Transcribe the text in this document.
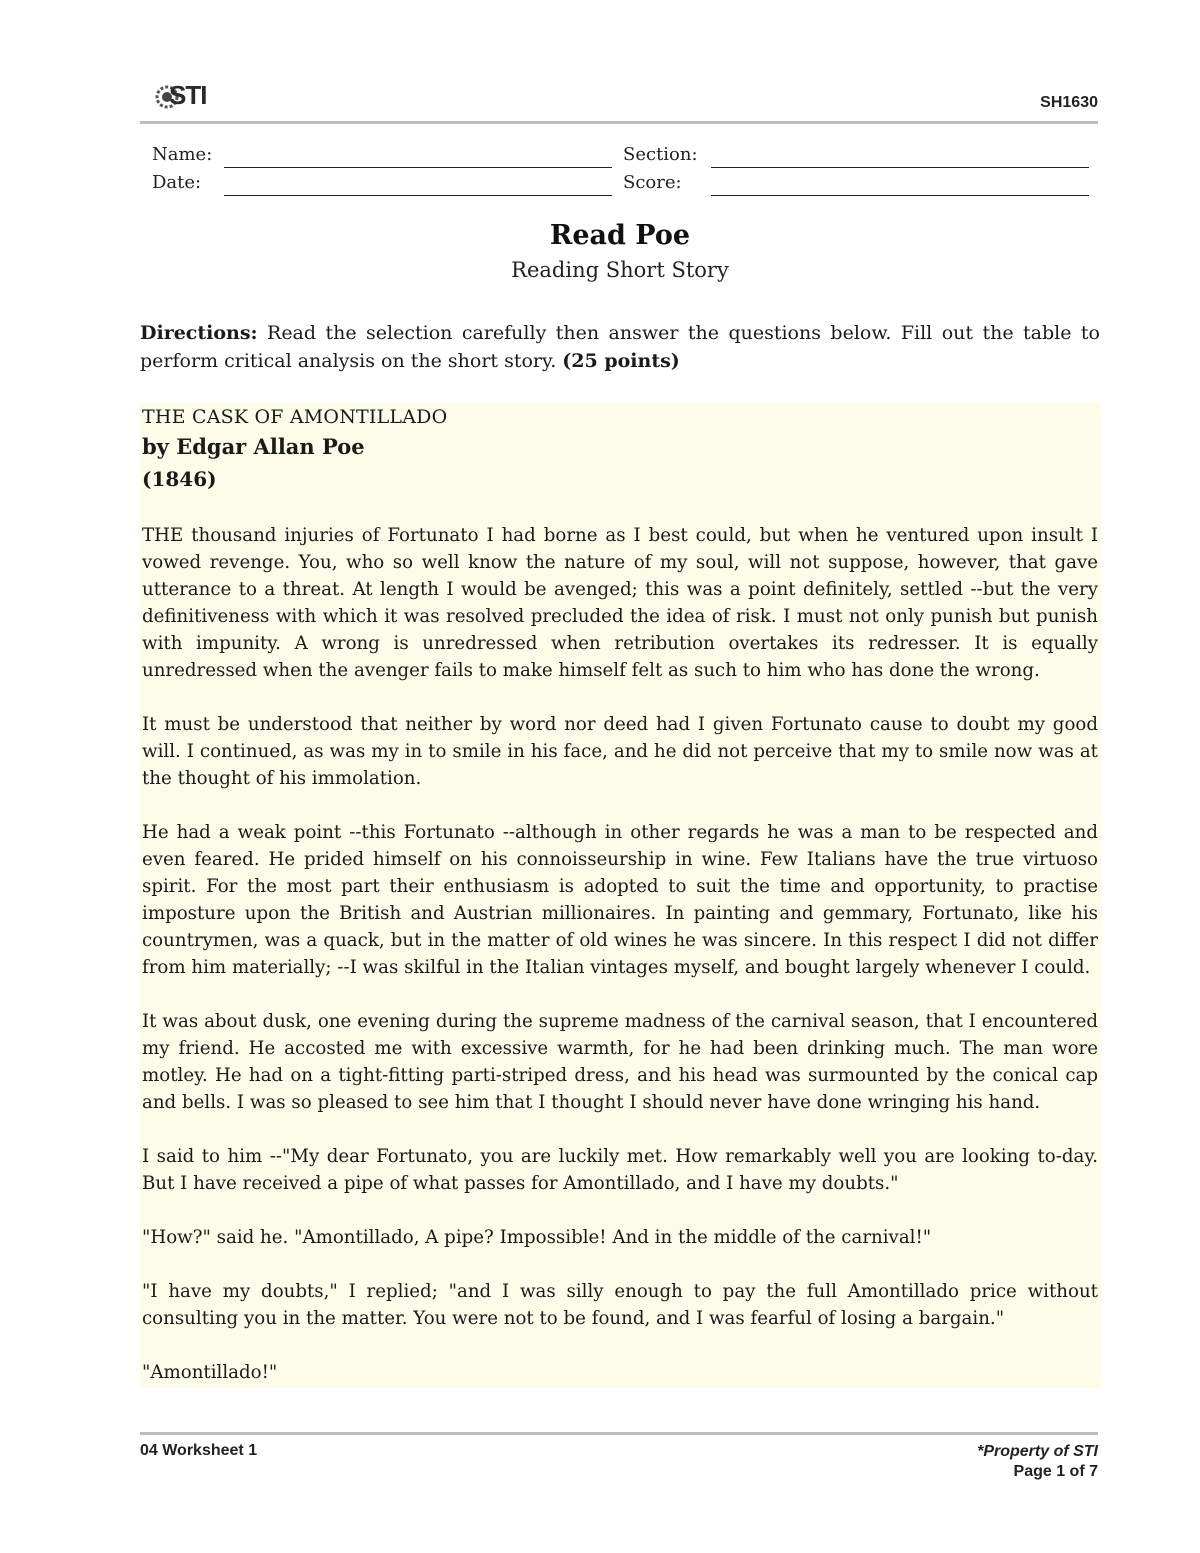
STI	SH1630
Name:	Section:
Date:	Score:
Read Poe
Reading Short Story
Directions: Read the selection carefully then answer the questions below. Fill out the table to perform critical analysis on the short story. (25 points)

THE CASK OF AMONTILLADO

by Edgar Allan Poe

(1846)

THE thousand injuries of Fortunato I had borne as I best could, but when he ventured upon insult I vowed revenge. You, who so well know the nature of my soul, will not suppose, however, that gave utterance to a threat. At length I would be avenged; this was a point definitely, settled --but the very definitiveness with which it was resolved precluded the idea of risk. I must not only punish but punish with impunity. A wrong is unredressed when retribution overtakes its redresser. It is equally unredressed when the avenger fails to make himself felt as such to him who has done the wrong.

It must be understood that neither by word nor deed had I given Fortunato cause to doubt my good will. I continued, as was my in to smile in his face, and he did not perceive that my to smile now was at the thought of his immolation.

He had a weak point --this Fortunato --although in other regards he was a man to be respected and even feared. He prided himself on his connoisseurship in wine. Few Italians have the true virtuoso spirit. For the most part their enthusiasm is adopted to suit the time and opportunity, to practise imposture upon the British and Austrian millionaires. In painting and gemmary, Fortunato, like his countrymen, was a quack, but in the matter of old wines he was sincere. In this respect I did not differ from him materially; --I was skilful in the Italian vintages myself, and bought largely whenever I could.

It was about dusk, one evening during the supreme madness of the carnival season, that I encountered my friend. He accosted me with excessive warmth, for he had been drinking much. The man wore motley. He had on a tight-fitting parti-striped dress, and his head was surmounted by the conical cap and bells. I was so pleased to see him that I thought I should never have done wringing his hand.

I said to him --"My dear Fortunato, you are luckily met. How remarkably well you are looking to-day. But I have received a pipe of what passes for Amontillado, and I have my doubts."

"How?" said he. "Amontillado, A pipe? Impossible! And in the middle of the carnival!"

"I have my doubts," I replied; "and I was silly enough to pay the full Amontillado price without consulting you in the matter. You were not to be found, and I was fearful of losing a bargain."

"Amontillado!"

04 Worksheet 1	*Property of STI
Page 1 of 7
